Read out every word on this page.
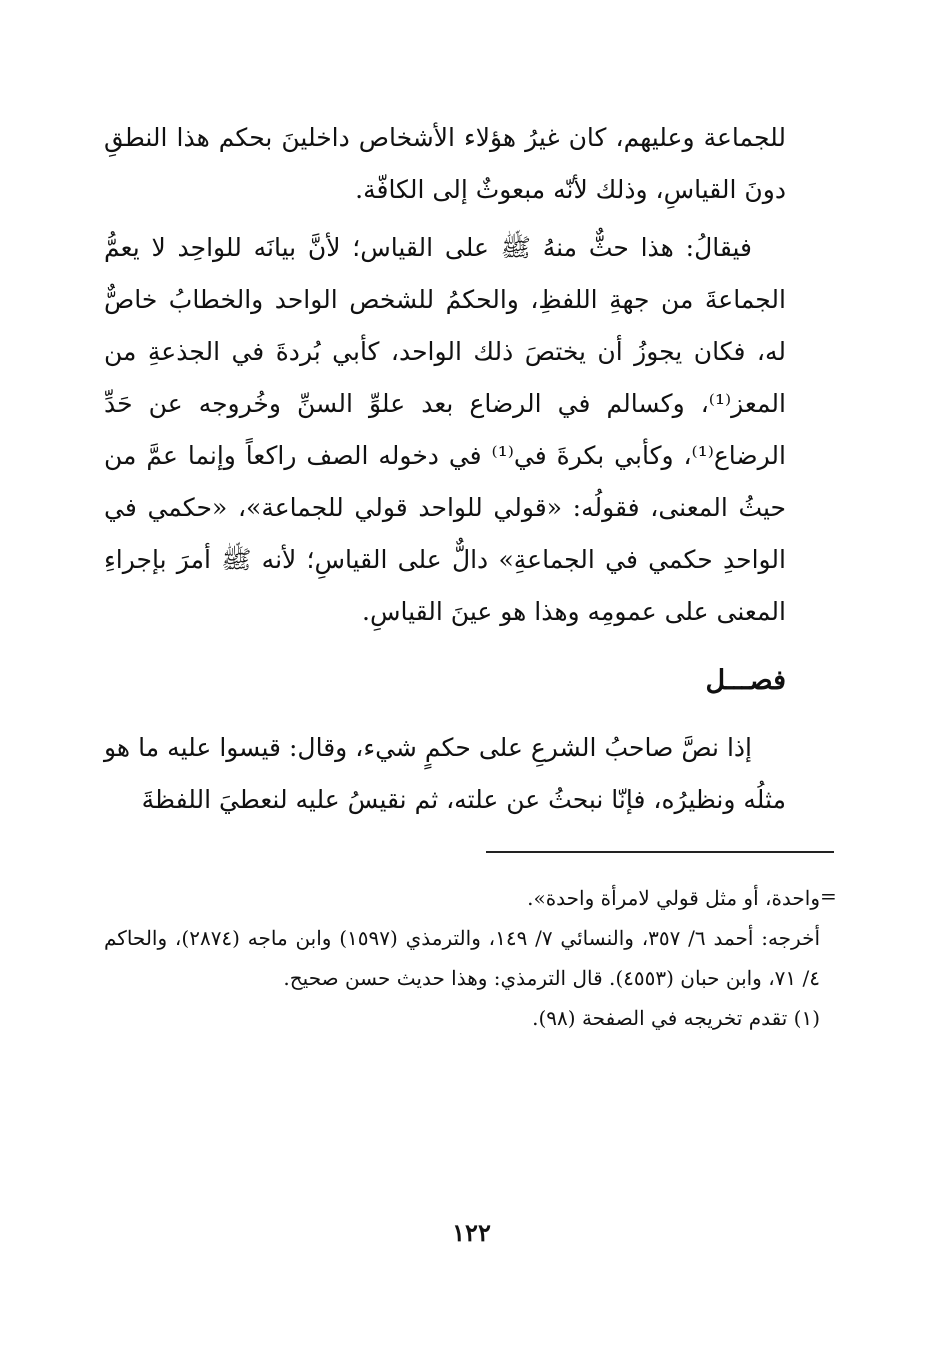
للجماعة وعليهم، كان غيرُ هؤلاء الأشخاص داخلينَ بحكم هذا النطقِ دونَ القياسِ، وذلك لأنّه مبعوثٌ إلى الكافّة.

فيقالُ: هذا حثٌّ منهُ ﷺ على القياس؛ لأنَّ بيانَه للواحِد لا يعمُّ الجماعةَ من جهةِ اللفظِ، والحكمُ للشخص الواحد والخطابُ خاصٌّ له، فكان يجوزُ أن يختصَ ذلك الواحد، كأبي بُردةَ في الجذعةِ من المعز⁽¹⁾، وكسالم في الرضاع بعد علوِّ السنِّ وخُروجه عن حَدِّ الرضاع⁽¹⁾، وكأبي بكرةَ في⁽¹⁾ في دخوله الصف راكعاً وإنما عمَّ من حيثُ المعنى، فقولُه: «قولي للواحد قولي للجماعة»، «حكمي في الواحدِ حكمي في الجماعةِ» دالٌّ على القياسِ؛ لأنه ﷺ أمرَ بإجراءِ المعنى على عمومِه وهذا هو عينَ القياسِ.

فصـــل

إذا نصَّ صاحبُ الشرعِ على حكمٍ شيء، وقال: قيسوا عليه ما هو مثلُه ونظيرُه، فإنّا نبحثُ عن علته، ثم نقيسُ عليه لنعطيَ اللفظةَ

=

واحدة، أو مثل قولي لامرأة واحدة».

أخرجه: أحمد ٦/ ٣٥٧، والنسائي ٧/ ١٤٩، والترمذي (١٥٩٧) وابن ماجه (٢٨٧٤)، والحاكم ٤/ ٧١، وابن حبان (٤٥٥٣). قال الترمذي: وهذا حديث حسن صحيح.

(١) تقدم تخريجه في الصفحة (٩٨).

١٢٢
